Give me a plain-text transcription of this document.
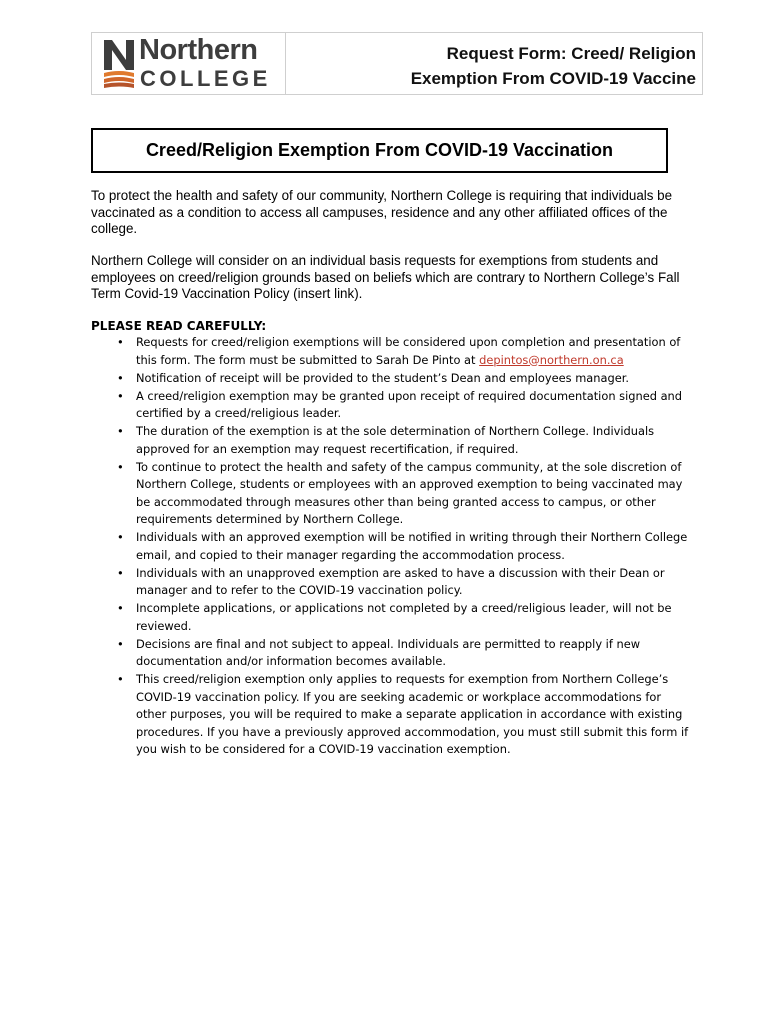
Northern
COLLEGE
Request Form: Creed/ Religion
Exemption From COVID-19 Vaccine
Creed/Religion Exemption From COVID-19 Vaccination

To protect the health and safety of our community, Northern College is requiring that individuals be vaccinated as a condition to access all campuses, residence and any other affiliated offices of the college.

Northern College will consider on an individual basis requests for exemptions from students and employees on creed/religion grounds based on beliefs which are contrary to Northern College’s Fall Term Covid-19 Vaccination Policy (insert link).

PLEASE READ CAREFULLY:
• Requests for creed/religion exemptions will be considered upon completion and presentation of this form. The form must be submitted to Sarah De Pinto at depintos@northern.on.ca
• Notification of receipt will be provided to the student’s Dean and employees manager.
• A creed/religion exemption may be granted upon receipt of required documentation signed and certified by a creed/religious leader.
• The duration of the exemption is at the sole determination of Northern College. Individuals approved for an exemption may request recertification, if required.
• To continue to protect the health and safety of the campus community, at the sole discretion of Northern College, students or employees with an approved exemption to being vaccinated may be accommodated through measures other than being granted access to campus, or other requirements determined by Northern College.
• Individuals with an approved exemption will be notified in writing through their Northern College email, and copied to their manager regarding the accommodation process.
• Individuals with an unapproved exemption are asked to have a discussion with their Dean or manager and to refer to the COVID-19 vaccination policy.
• Incomplete applications, or applications not completed by a creed/religious leader, will not be reviewed.
• Decisions are final and not subject to appeal. Individuals are permitted to reapply if new documentation and/or information becomes available.
• This creed/religion exemption only applies to requests for exemption from Northern College’s COVID-19 vaccination policy. If you are seeking academic or workplace accommodations for other purposes, you will be required to make a separate application in accordance with existing procedures. If you have a previously approved accommodation, you must still submit this form if you wish to be considered for a COVID-19 vaccination exemption.
